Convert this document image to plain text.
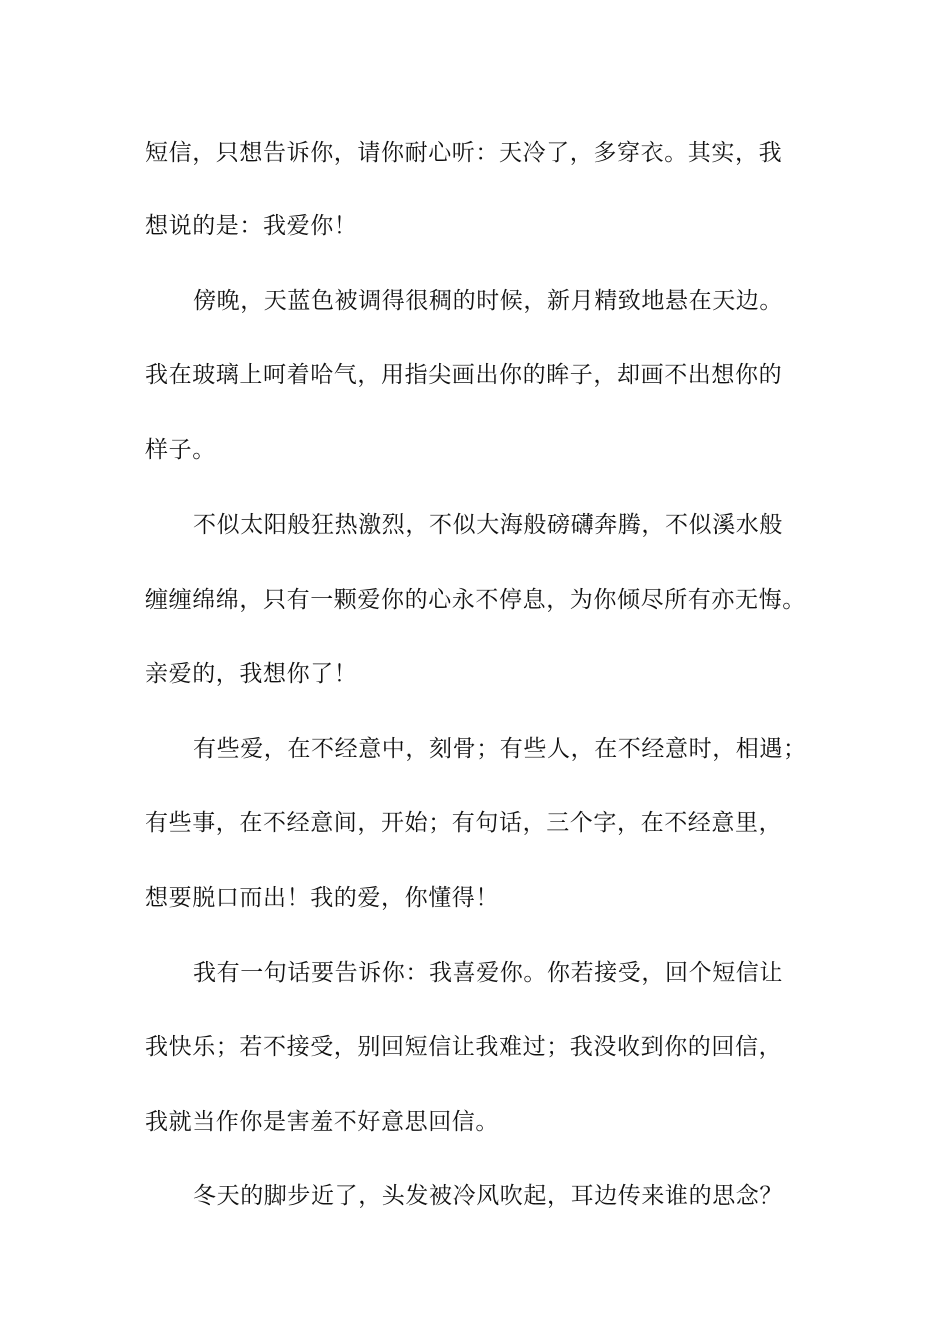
短信，只想告诉你，请你耐心听：天冷了，多穿衣。其实，我
想说的是：我爱你！
傍晚，天蓝色被调得很稠的时候，新月精致地悬在天边。
我在玻璃上呵着哈气，用指尖画出你的眸子，却画不出想你的
样子。
不似太阳般狂热激烈，不似大海般磅礴奔腾，不似溪水般
缠缠绵绵，只有一颗爱你的心永不停息，为你倾尽所有亦无悔。
亲爱的，我想你了！
有些爱，在不经意中，刻骨；有些人，在不经意时，相遇；
有些事，在不经意间，开始；有句话，三个字，在不经意里，
想要脱口而出！我的爱，你懂得！
我有一句话要告诉你：我喜爱你。你若接受，回个短信让
我快乐；若不接受，别回短信让我难过；我没收到你的回信，
我就当作你是害羞不好意思回信。
冬天的脚步近了，头发被冷风吹起，耳边传来谁的思念？
